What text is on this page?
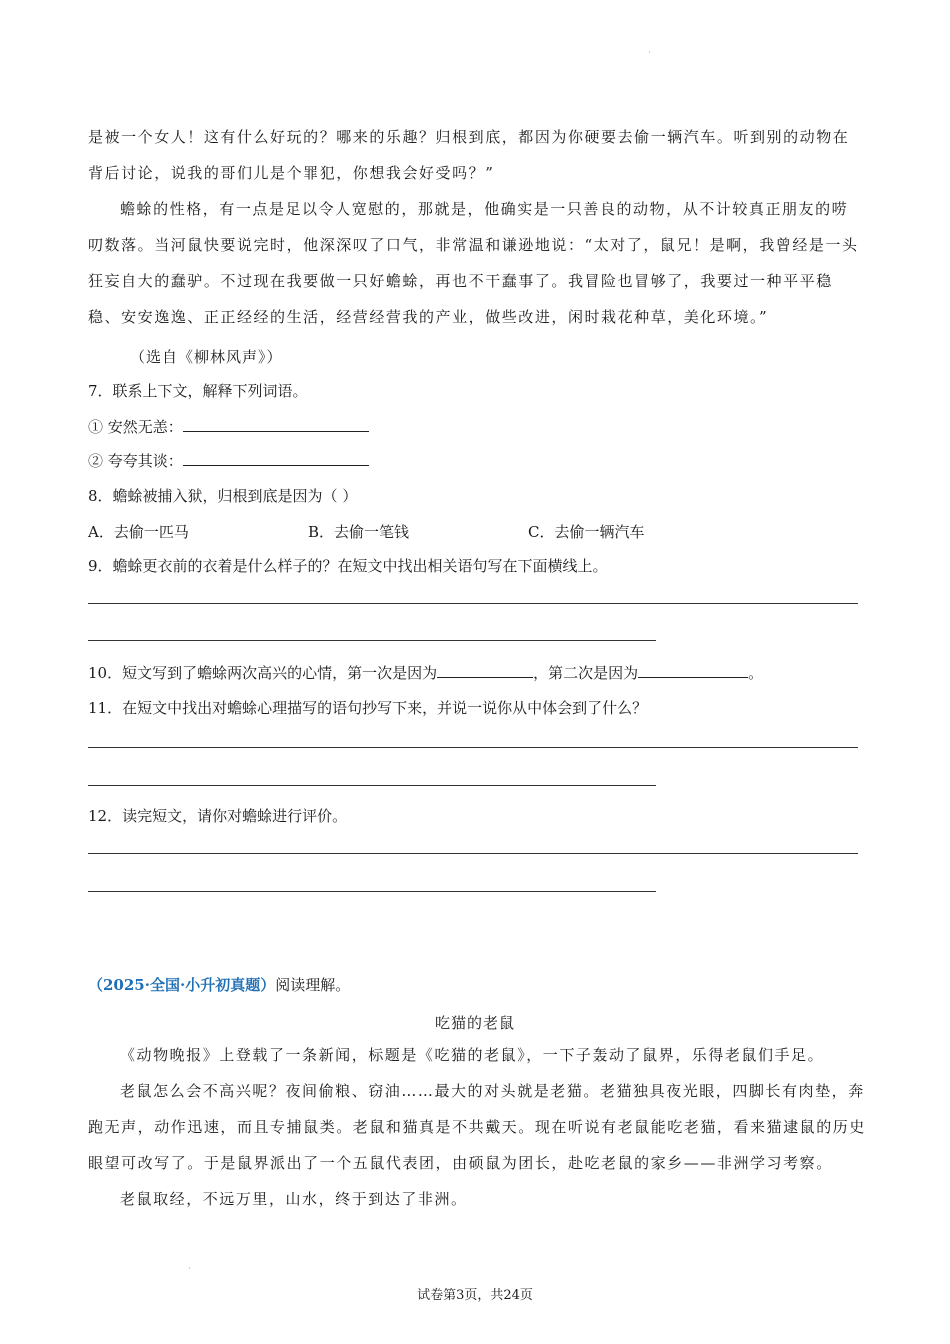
·

是被一个女人！这有什么好玩的？哪来的乐趣？归根到底，都因为你硬要去偷一辆汽车。听到别的动物在背后讨论，说我的哥们儿是个罪犯，你想我会好受吗？”

蟾蜍的性格，有一点是足以令人宽慰的，那就是，他确实是一只善良的动物，从不计较真正朋友的唠叨数落。当河鼠快要说完时，他深深叹了口气，非常温和谦逊地说：“太对了，鼠兄！是啊，我曾经是一头狂妄自大的蠢驴。不过现在我要做一只好蟾蜍，再也不干蠢事了。我冒险也冒够了，我要过一种平平稳稳、安安逸逸、正正经经的生活，经营经营我的产业，做些改进，闲时栽花种草，美化环境。”

（选自《柳林风声》）
7．联系上下文，解释下列词语。
① 安然无恙：
② 夸夸其谈：
8．蟾蜍被捕入狱，归根到底是因为（ ）
A．去偷一匹马	B．去偷一笔钱	C．去偷一辆汽车
9．蟾蜍更衣前的衣着是什么样子的？在短文中找出相关语句写在下面横线上。
10．短文写到了蟾蜍两次高兴的心情，第一次是因为	，第二次是因为	。
11．在短文中找出对蟾蜍心理描写的语句抄写下来，并说一说你从中体会到了什么？
12．读完短文，请你对蟾蜍进行评价。
（2025·全国·小升初真题）阅读理解。
吃猫的老鼠

《动物晚报》上登载了一条新闻，标题是《吃猫的老鼠》，一下子轰动了鼠界，乐得老鼠们手足。

老鼠怎么会不高兴呢？夜间偷粮、窃油……最大的对头就是老猫。老猫独具夜光眼，四脚长有肉垫，奔跑无声，动作迅速，而且专捕鼠类。老鼠和猫真是不共戴天。现在听说有老鼠能吃老猫，看来猫逮鼠的历史眼望可改写了。于是鼠界派出了一个五鼠代表团，由硕鼠为团长，赴吃老鼠的家乡——非洲学习考察。

老鼠取经，不远万里，山水，终于到达了非洲。

·
试卷第3页，共24页
